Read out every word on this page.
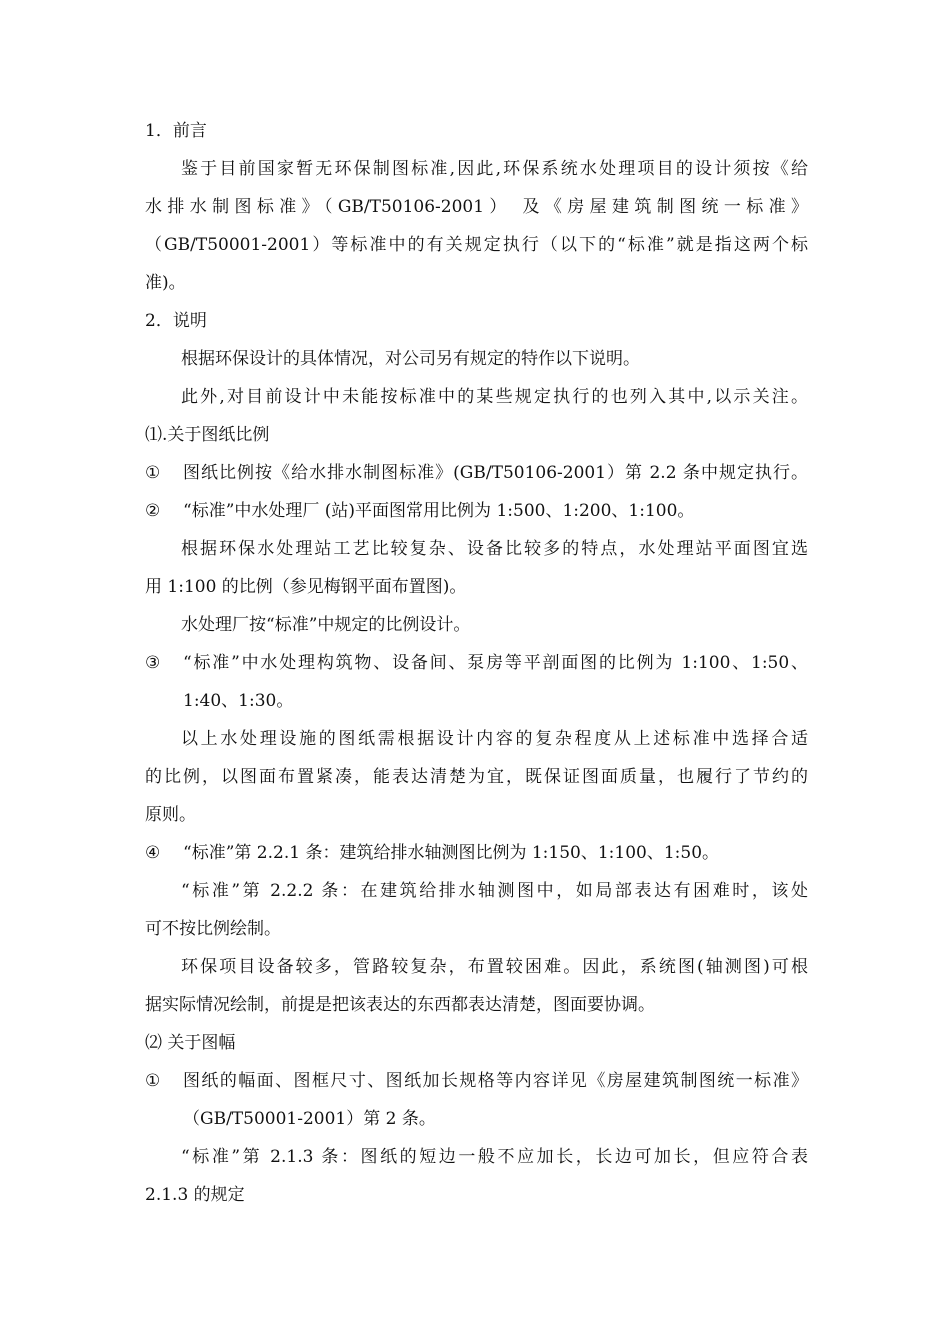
1．前言
鉴于目前国家暂无环保制图标准,因此,环保系统水处理项目的设计须按《给
水排水制图标准》（GB/T50106-2001） 及《房屋建筑制图统一标准》
（GB/T50001-2001）等标准中的有关规定执行（以下的“标准”就是指这两个标
准)。
2．说明
根据环保设计的具体情况，对公司另有规定的特作以下说明。
此外,对目前设计中未能按标准中的某些规定执行的也列入其中,以示关注。
⑴.关于图纸比例
①	图纸比例按《给水排水制图标准》(GB/T50106-2001）第 2.2 条中规定执行。
②	“标准”中水处理厂 (站)平面图常用比例为 1:500、1:200、1:100。
根据环保水处理站工艺比较复杂、设备比较多的特点，水处理站平面图宜选
用 1:100 的比例（参见梅钢平面布置图)。
水处理厂按“标准”中规定的比例设计。
③	“标准”中水处理构筑物、设备间、泵房等平剖面图的比例为 1:100、1:50、
1:40、1:30。
以上水处理设施的图纸需根据设计内容的复杂程度从上述标准中选择合适
的比例，以图面布置紧凑，能表达清楚为宜，既保证图面质量，也履行了节约的
原则。
④	“标准”第 2.2.1 条：建筑给排水轴测图比例为 1:150、1:100、1:50。
“标准”第 2.2.2 条：在建筑给排水轴测图中，如局部表达有困难时，该处
可不按比例绘制。
环保项目设备较多，管路较复杂，布置较困难。因此，系统图(轴测图)可根
据实际情况绘制，前提是把该表达的东西都表达清楚，图面要协调。
⑵ 关于图幅
①	图纸的幅面、图框尺寸、图纸加长规格等内容详见《房屋建筑制图统一标准》
（GB/T50001-2001）第 2 条。
“标准”第 2.1.3 条：图纸的短边一般不应加长，长边可加长，但应符合表
2.1.3 的规定
